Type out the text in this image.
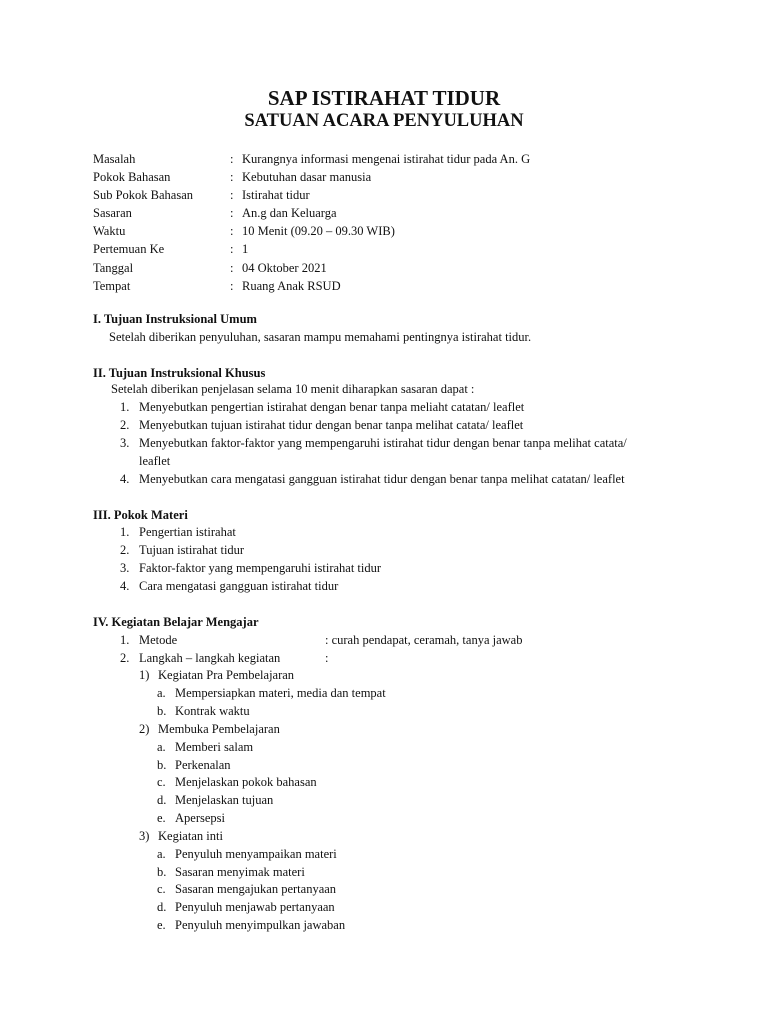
SAP ISTIRAHAT TIDUR
SATUAN ACARA PENYULUHAN
Masalah	: Kurangnya informasi mengenai istirahat tidur pada An. G
Pokok Bahasan	: Kebutuhan dasar manusia
Sub Pokok Bahasan	: Istirahat tidur
Sasaran	: An.g dan Keluarga
Waktu	: 10 Menit (09.20 – 09.30 WIB)
Pertemuan Ke	: 1
Tanggal	: 04 Oktober 2021
Tempat	: Ruang Anak RSUD
I. Tujuan Instruksional Umum
Setelah diberikan penyuluhan, sasaran mampu memahami pentingnya istirahat tidur.
II. Tujuan Instruksional Khusus
Setelah diberikan penjelasan selama 10 menit diharapkan sasaran dapat :
1. Menyebutkan pengertian istirahat dengan benar tanpa meliaht catatan/ leaflet
2. Menyebutkan tujuan istirahat tidur dengan benar tanpa melihat catata/ leaflet
3. Menyebutkan faktor-faktor yang mempengaruhi istirahat tidur dengan benar tanpa melihat catata/
leaflet
4. Menyebutkan cara mengatasi gangguan istirahat tidur dengan benar tanpa melihat catatan/ leaflet
III. Pokok Materi
1. Pengertian istirahat
2. Tujuan istirahat tidur
3. Faktor-faktor yang mempengaruhi istirahat tidur
4. Cara mengatasi gangguan istirahat tidur
IV. Kegiatan Belajar Mengajar
1. Metode	: curah pendapat, ceramah, tanya jawab
2. Langkah – langkah kegiatan	:
1) Kegiatan Pra Pembelajaran
a. Mempersiapkan materi, media dan tempat
b. Kontrak waktu
2) Membuka Pembelajaran
a. Memberi salam
b. Perkenalan
c. Menjelaskan pokok bahasan
d. Menjelaskan tujuan
e. Apersepsi
3) Kegiatan inti
a. Penyuluh menyampaikan materi
b. Sasaran menyimak materi
c. Sasaran mengajukan pertanyaan
d. Penyuluh menjawab pertanyaan
e. Penyuluh menyimpulkan jawaban
